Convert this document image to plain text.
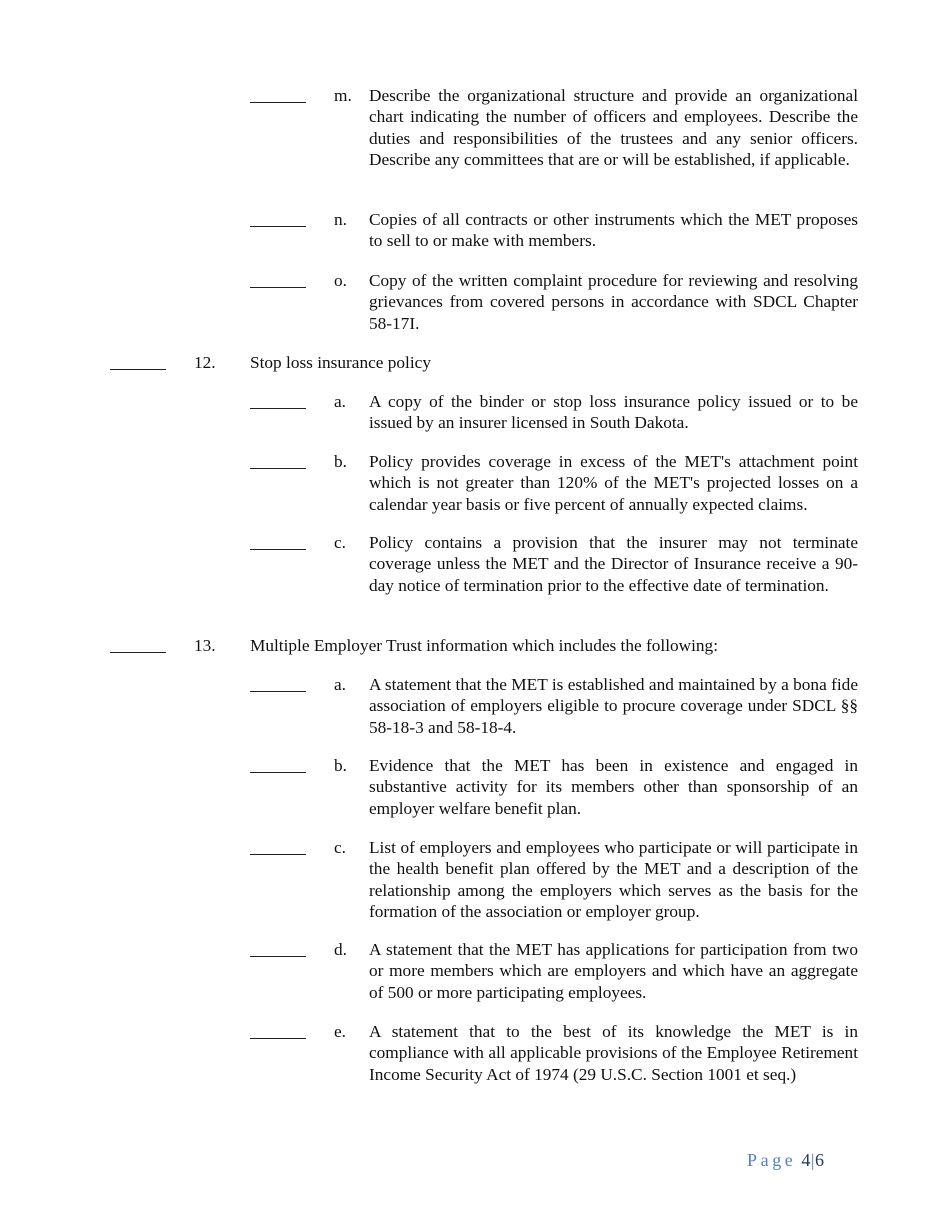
m. Describe the organizational structure and provide an organizational chart indicating the number of officers and employees. Describe the duties and responsibilities of the trustees and any senior officers. Describe any committees that are or will be established, if applicable.
n. Copies of all contracts or other instruments which the MET proposes to sell to or make with members.
o. Copy of the written complaint procedure for reviewing and resolving grievances from covered persons in accordance with SDCL Chapter 58-17I.
12. Stop loss insurance policy
a. A copy of the binder or stop loss insurance policy issued or to be issued by an insurer licensed in South Dakota.
b. Policy provides coverage in excess of the MET's attachment point which is not greater than 120% of the MET's projected losses on a calendar year basis or five percent of annually expected claims.
c. Policy contains a provision that the insurer may not terminate coverage unless the MET and the Director of Insurance receive a 90-day notice of termination prior to the effective date of termination.
13. Multiple Employer Trust information which includes the following:
a. A statement that the MET is established and maintained by a bona fide association of employers eligible to procure coverage under SDCL §§ 58-18-3 and 58-18-4.
b. Evidence that the MET has been in existence and engaged in substantive activity for its members other than sponsorship of an employer welfare benefit plan.
c. List of employers and employees who participate or will participate in the health benefit plan offered by the MET and a description of the relationship among the employers which serves as the basis for the formation of the association or employer group.
d. A statement that the MET has applications for participation from two or more members which are employers and which have an aggregate of 500 or more participating employees.
e. A statement that to the best of its knowledge the MET is in compliance with all applicable provisions of the Employee Retirement Income Security Act of 1974 (29 U.S.C. Section 1001 et seq.)
Page 4|6
